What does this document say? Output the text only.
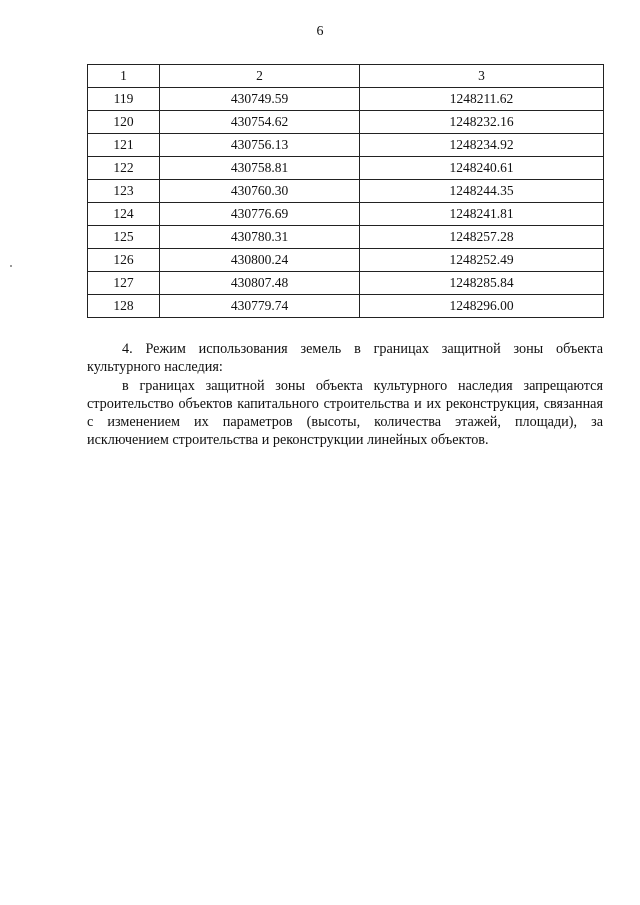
6
1	2	3
119	430749.59	1248211.62
120	430754.62	1248232.16
121	430756.13	1248234.92
122	430758.81	1248240.61
123	430760.30	1248244.35
124	430776.69	1248241.81
125	430780.31	1248257.28
126	430800.24	1248252.49
127	430807.48	1248285.84
128	430779.74	1248296.00

4. Режим использования земель в границах защитной зоны объекта культурного наследия:

в границах защитной зоны объекта культурного наследия запрещаются строительство объектов капитального строительства и их реконструкция, связанная с изменением их параметров (высоты, количества этажей, площади), за исключением строительства и реконструкции линейных объектов.
